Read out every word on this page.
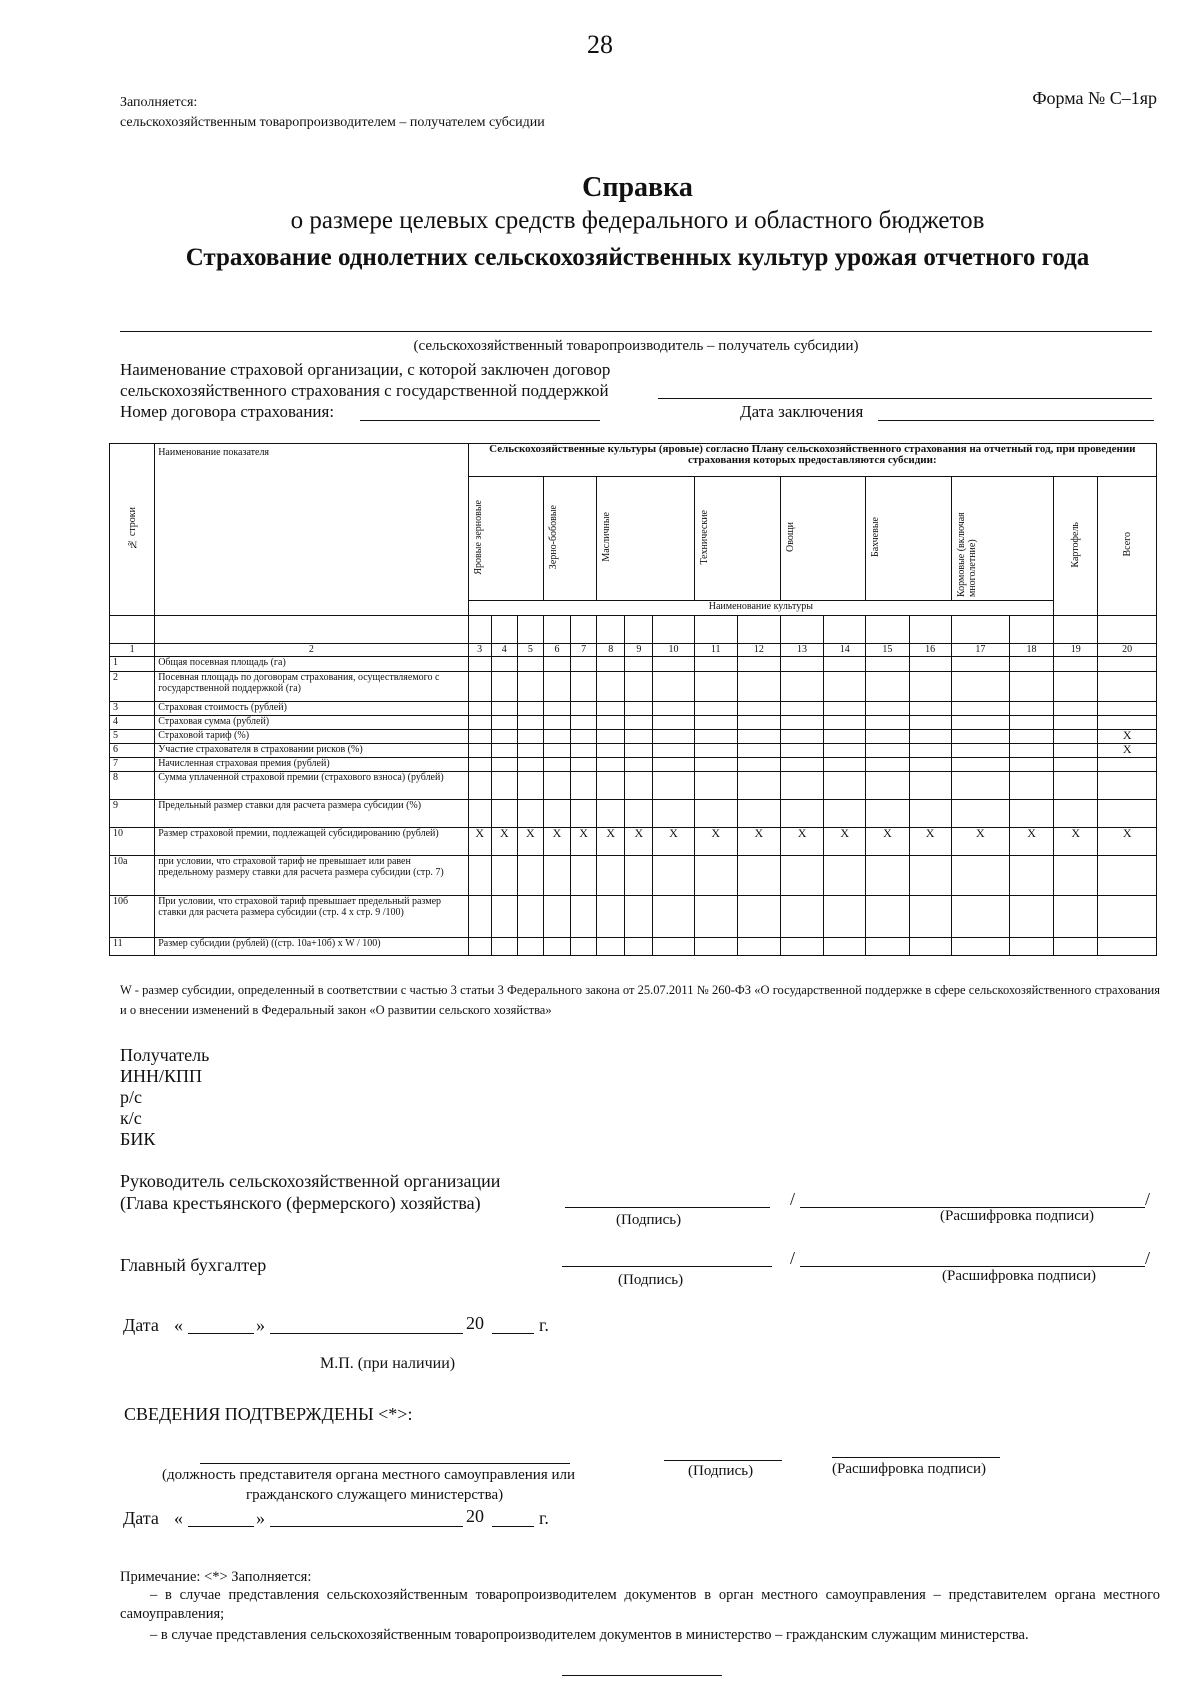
28
Заполняется:
сельскохозяйственным товаропроизводителем – получателем субсидии
Форма № С–1яр
Справка
о размере целевых средств федерального и областного бюджетов
Страхование однолетних сельскохозяйственных культур урожая отчетного года
(сельскохозяйственный товаропроизводитель – получатель субсидии)
Наименование страховой организации, с которой заключен договор
сельскохозяйственного страхования с государственной поддержкой
Номер договора страхования:	Дата заключения
№ строки	Наименование показателя	Сельскохозяйственные культуры (яровые) согласно Плану сельскохозяйственного страхования на отчетный год, при проведении страхования которых предоставляются субсидии:																	
		Яровые зерновые			Зерно-бобовые		Масличные			Технические		Овощи		Бахчевые		Кормовые (включая многолетние)		Картофель	Всего
		Наименование культуры																	

1	2	3	4	5	6	7	8	9	10	11	12	13	14	15	16	17	18	19	20
1	Общая посевная площадь (га)																		
2	Посевная площадь по договорам страхования, осуществляемого с государственной поддержкой (га)																		
3	Страховая стоимость (рублей)																		
4	Страховая сумма (рублей)																		
5	Страховой тариф (%)																		Х
6	Участие страхователя в страховании рисков (%)																		Х
7	Начисленная страховая премия (рублей)																		
8	Сумма уплаченной страховой премии (страхового взноса) (рублей)																		
9	Предельный размер ставки для расчета размера субсидии (%)																		
10	Размер страховой премии, подлежащей субсидированию (рублей)	Х	Х	Х	Х	Х	Х	Х	Х	Х	Х	Х	Х	Х	Х	Х	Х	Х	Х
10а	при условии, что страховой тариф не превышает или равен предельному размеру ставки для расчета размера субсидии (стр. 7)																		
10б	При условии, что страховой тариф превышает предельный размер ставки для расчета размера субсидии (стр. 4 х стр. 9 /100)																		
11	Размер субсидии (рублей) ((стр. 10а+10б) х W / 100)																		
W - размер субсидии, определенный в соответствии с частью 3 статьи 3 Федерального закона от 25.07.2011 № 260-ФЗ «О государственной поддержке в сфере сельскохозяйственного страхования и о внесении изменений в Федеральный закон «О развитии сельского хозяйства»
Получатель
ИНН/КПП
р/с
к/с
БИК
Руководитель сельскохозяйственной организации
(Глава крестьянского (фермерского) хозяйства)	/	/
(Подпись)	(Расшифровка подписи)
Главный бухгалтер	/	/
(Подпись)	(Расшифровка подписи)
Дата «	»	20	г.
М.П. (при наличии)
СВЕДЕНИЯ ПОДТВЕРЖДЕНЫ <*>:
(должность представителя органа местного самоуправления или
гражданского служащего министерства)
(Подпись)	(Расшифровка подписи)
Дата «	»	20	г.
Примечание: <*> Заполняется:
– в случае представления сельскохозяйственным товаропроизводителем документов в орган местного самоуправления – представителем органа местного самоуправления;
– в случае представления сельскохозяйственным товаропроизводителем документов в министерство – гражданским служащим министерства.
